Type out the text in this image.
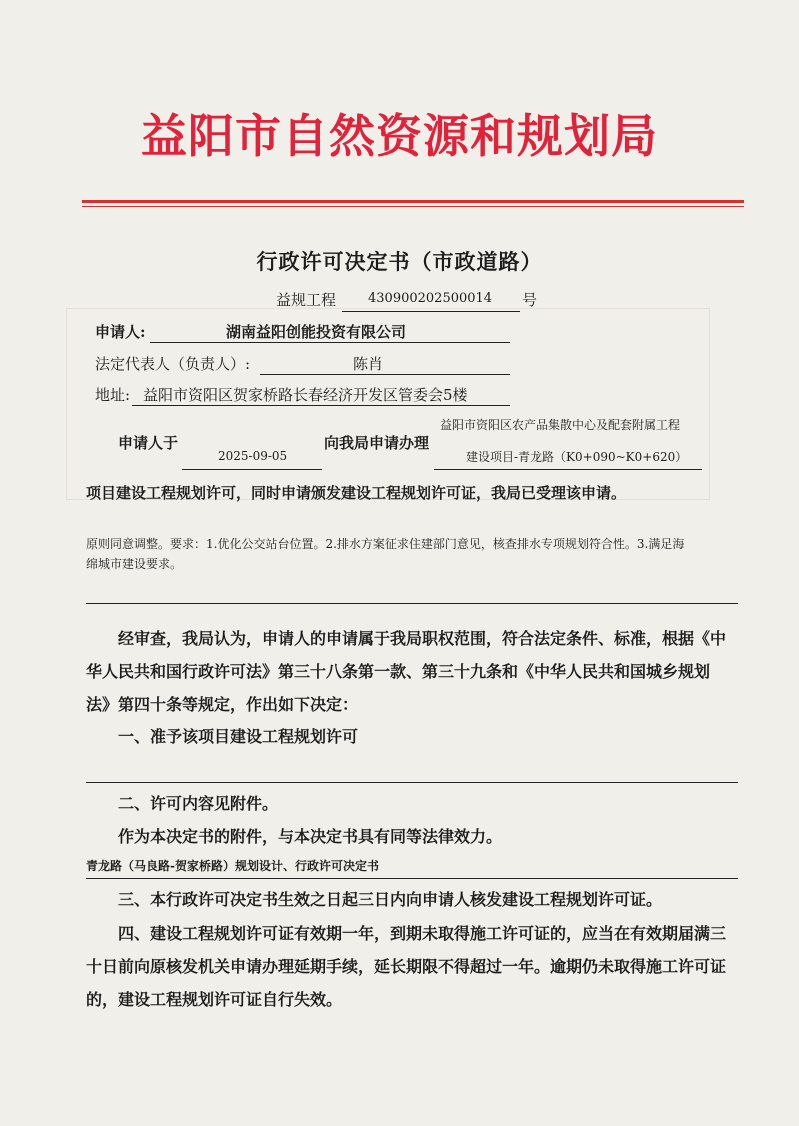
益阳市自然资源和规划局
行政许可决定书（市政道路）
益规工程 430900202500014 号
申请人:	湖南益阳创能投资有限公司
法定代表人（负责人）:	陈肖
地址: 益阳市资阳区贺家桥路长春经济开发区管委会5楼
申请人于
2025-09-05
向我局申请办理
益阳市资阳区农产品集散中心及配套附属工程
建设项目-青龙路（K0+090~K0+620）
项目建设工程规划许可，同时申请颁发建设工程规划许可证，我局已受理该申请。
原则同意调整。要求：1.优化公交站台位置。2.排水方案征求住建部门意见，核查排水专项规划符合性。3.满足海
绵城市建设要求。
经审查，我局认为，申请人的申请属于我局职权范围，符合法定条件、标准，根据《中
华人民共和国行政许可法》第三十八条第一款、第三十九条和《中华人民共和国城乡规划
法》第四十条等规定，作出如下决定：
一、准予该项目建设工程规划许可
二、许可内容见附件。
作为本决定书的附件，与本决定书具有同等法律效力。
青龙路（马良路-贺家桥路）规划设计、行政许可决定书
三、本行政许可决定书生效之日起三日内向申请人核发建设工程规划许可证。
四、建设工程规划许可证有效期一年，到期未取得施工许可证的，应当在有效期届满三
十日前向原核发机关申请办理延期手续，延长期限不得超过一年。逾期仍未取得施工许可证
的，建设工程规划许可证自行失效。
